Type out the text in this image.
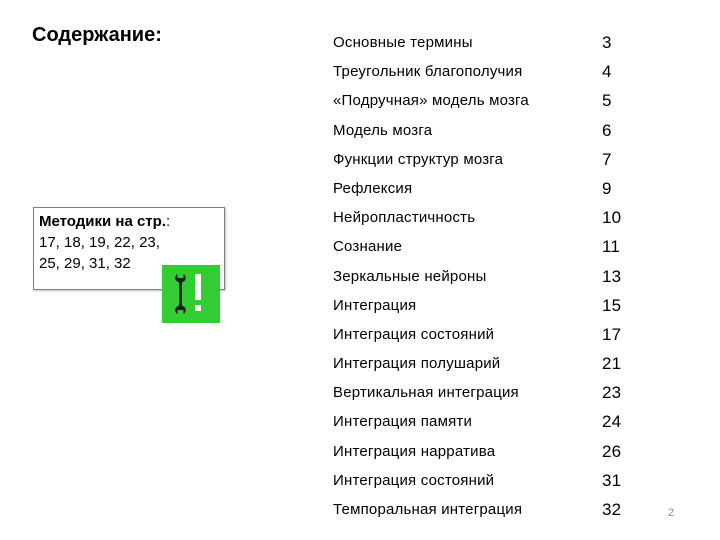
Содержание:
Методики на стр.:
17, 18, 19, 22, 23, 25, 29, 31, 32
Основные термины	3
Треугольник благополучия	4
«Подручная» модель мозга	5
Модель мозга	6
Функции структур мозга	7
Рефлексия	9
Нейропластичность	10
Сознание	11
Зеркальные нейроны	13
Интеграция	15
Интеграция состояний	17
Интеграция полушарий	21
Вертикальная интеграция	23
Интеграция памяти	24
Интеграция нарратива	26
Интеграция состояний	31
Темпоральная интеграция	32	2
